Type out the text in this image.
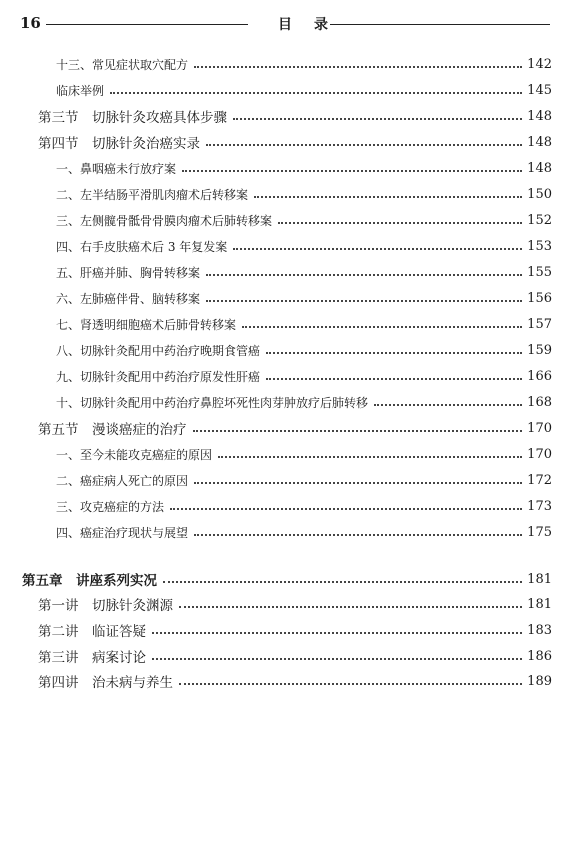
16	目录
十三、常见症状取穴配方	142
临床举例	145
第三节　切脉针灸攻癌具体步骤	148
第四节　切脉针灸治癌实录	148
一、鼻咽癌未行放疗案	148
二、左半结肠平滑肌肉瘤术后转移案	150
三、左侧髋骨骶骨骨膜肉瘤术后肺转移案	152
四、右手皮肤癌术后 3 年复发案	153
五、肝癌并肺、胸骨转移案	155
六、左肺癌伴骨、脑转移案	156
七、肾透明细胞癌术后肺骨转移案	157
八、切脉针灸配用中药治疗晚期食管癌	159
九、切脉针灸配用中药治疗原发性肝癌	166
十、切脉针灸配用中药治疗鼻腔坏死性肉芽肿放疗后肺转移	168
第五节　漫谈癌症的治疗	170
一、至今未能攻克癌症的原因	170
二、癌症病人死亡的原因	172
三、攻克癌症的方法	173
四、癌症治疗现状与展望	175
第五章　讲座系列实况	181
第一讲　切脉针灸渊源	181
第二讲　临证答疑	183
第三讲　病案讨论	186
第四讲　治未病与养生	189
